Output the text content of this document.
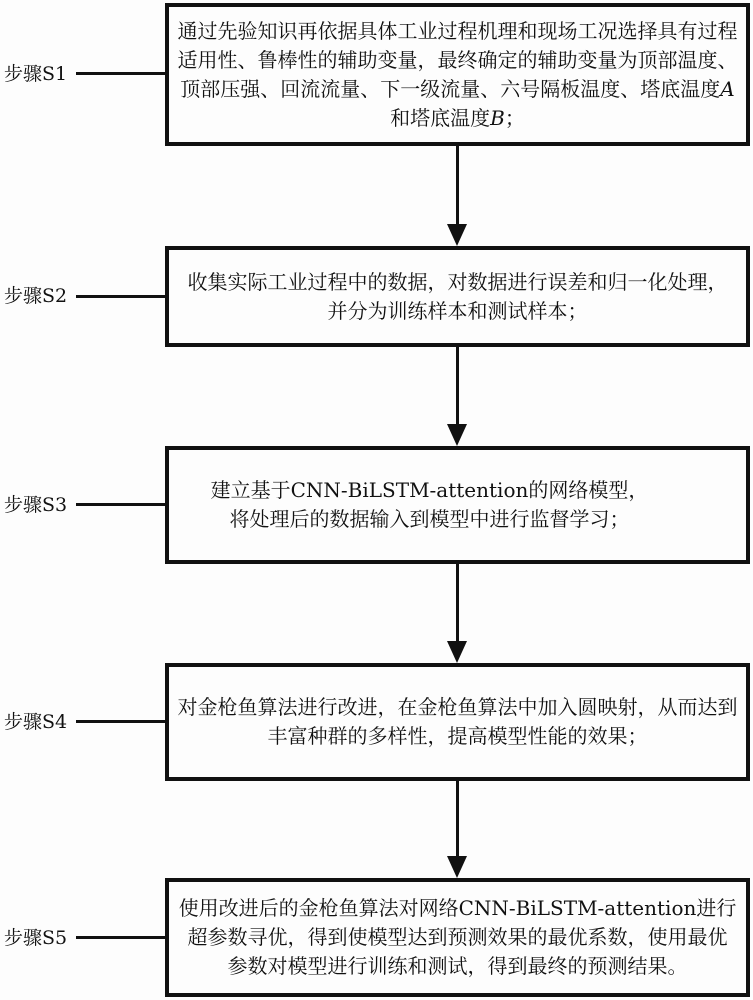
步骤S1
通过先验知识再依据具体工业过程机理和现场工况选择具有过程
适用性、鲁棒性的辅助变量，最终确定的辅助变量为顶部温度、
顶部压强、回流流量、下一级流量、六号隔板温度、塔底温度A
和塔底温度B；
步骤S2
收集实际工业过程中的数据，对数据进行误差和归一化处理，
并分为训练样本和测试样本；
步骤S3
建立基于CNN-BiLSTM-attention的网络模型，
将处理后的数据输入到模型中进行监督学习；
步骤S4
对金枪鱼算法进行改进，在金枪鱼算法中加入圆映射，从而达到
丰富种群的多样性，提高模型性能的效果；
步骤S5
使用改进后的金枪鱼算法对网络CNN-BiLSTM-attention进行
超参数寻优，得到使模型达到预测效果的最优系数，使用最优
参数对模型进行训练和测试，得到最终的预测结果。
